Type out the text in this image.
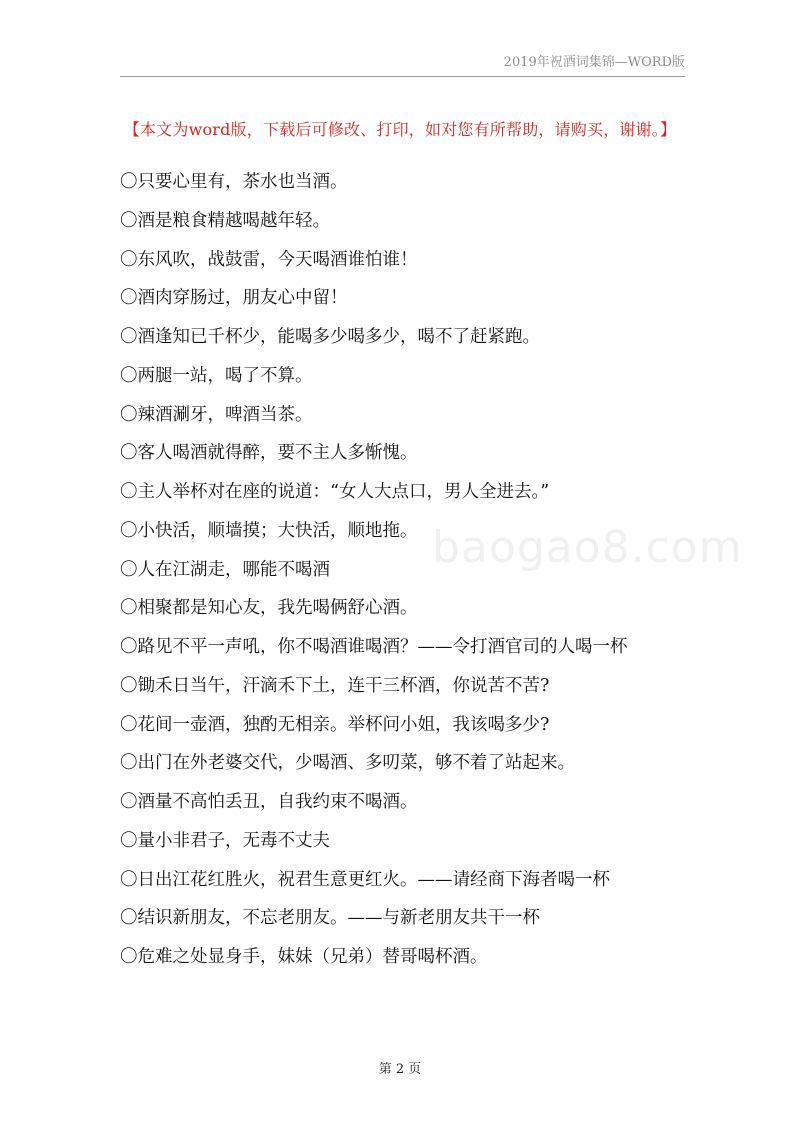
2019年祝酒词集锦—WORD版
【本文为word版，下载后可修改、打印，如对您有所帮助，请购买，谢谢。】
baogao8.com
〇只要心里有，茶水也当酒。
〇酒是粮食精越喝越年轻。
〇东风吹，战鼓雷，今天喝酒谁怕谁！
〇酒肉穿肠过，朋友心中留！
〇酒逢知已千杯少，能喝多少喝多少，喝不了赶紧跑。
〇两腿一站，喝了不算。
〇辣酒涮牙，啤酒当茶。
〇客人喝酒就得醉，要不主人多惭愧。
〇主人举杯对在座的说道：“女人大点口，男人全进去。”
〇小快活，顺墙摸；大快活，顺地拖。
〇人在江湖走，哪能不喝酒
〇相聚都是知心友，我先喝俩舒心酒。
〇路见不平一声吼，你不喝酒谁喝酒？——令打酒官司的人喝一杯
〇锄禾日当午，汗滴禾下土，连干三杯酒，你说苦不苦?
〇花间一壶酒，独酌无相亲。举杯问小姐，我该喝多少?
〇出门在外老婆交代，少喝酒、多叨菜，够不着了站起来。
〇酒量不高怕丢丑，自我约束不喝酒。
〇量小非君子，无毒不丈夫
〇日出江花红胜火，祝君生意更红火。——请经商下海者喝一杯
〇结识新朋友，不忘老朋友。——与新老朋友共干一杯
〇危难之处显身手，妹妹（兄弟）替哥喝杯酒。
第 2 页
